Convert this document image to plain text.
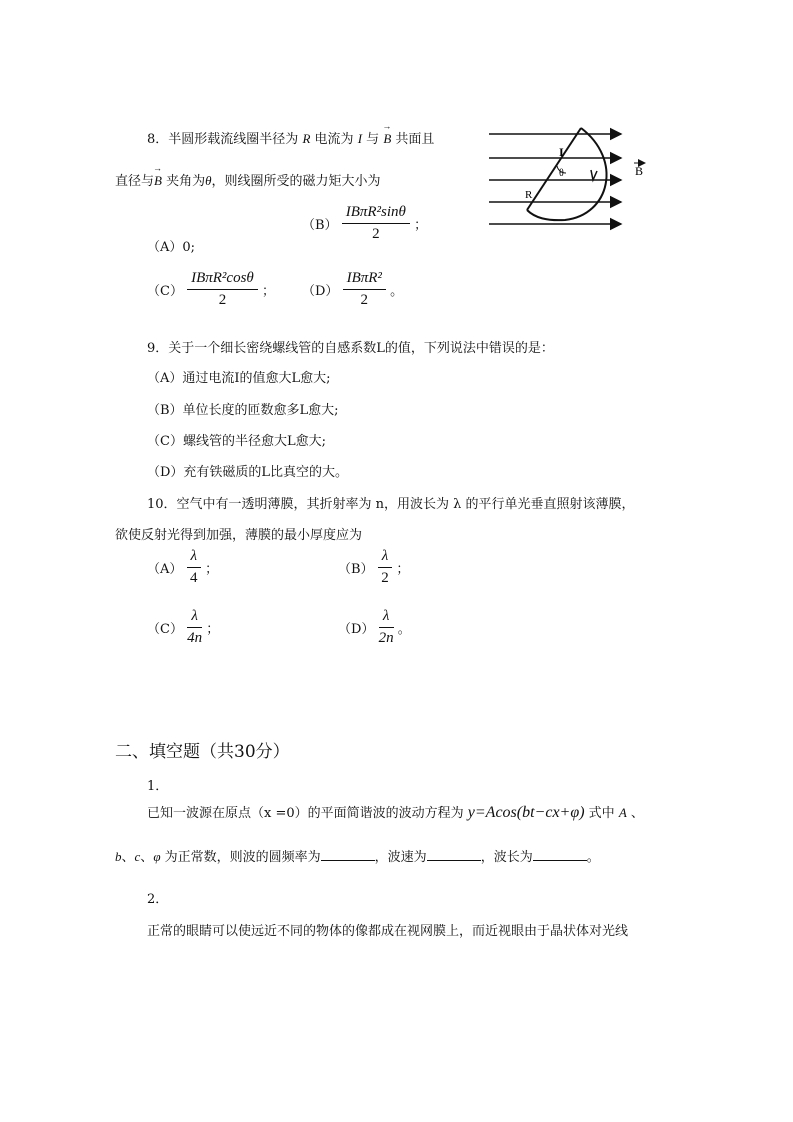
8．半圆形载流线圈半径为 R 电流为 I 与 → B 共面且
直径与→ B 夹角为θ，则线圈所受的磁力矩大小为
（A）0;
$(B) \frac{\text{IBπR²sinθ}}{2}$ ；
$(C) \frac{\text{IBπR²cosθ}}{2}$ ； $(D) \frac{\text{IBπR²}}{2}$ 。
I
θ
R
B
9．关于一个细长密绕螺线管的自感系数L的值，下列说法中错误的是：
（A）通过电流I的值愈大L愈大;
（B）单位长度的匝数愈多L愈大;
（C）螺线管的半径愈大L愈大;
（D）充有铁磁质的L比真空的大。
10．空气中有一透明薄膜，其折射率为 n，用波长为 λ 的平行单光垂直照射该薄膜，
欲使反射光得到加强，薄膜的最小厚度应为
$(A) \frac{\lambda}{4}$ ；	$(B) \frac{\lambda}{2}$ ；
$(C) \frac{\lambda}{4n}$ ；	$(D) \frac{\lambda}{2n}$ 。
二、填空题（共30分）
1．
已知一波源在原点（x =0）的平面简谐波的波动方程为 y=Acos(bt−cx+φ) 式中 A 、
b、c、φ 为正常数，则波的圆频率为	，波速为	，波长为	。
2．
正常的眼睛可以使远近不同的物体的像都成在视网膜上，而近视眼由于晶状体对光线
